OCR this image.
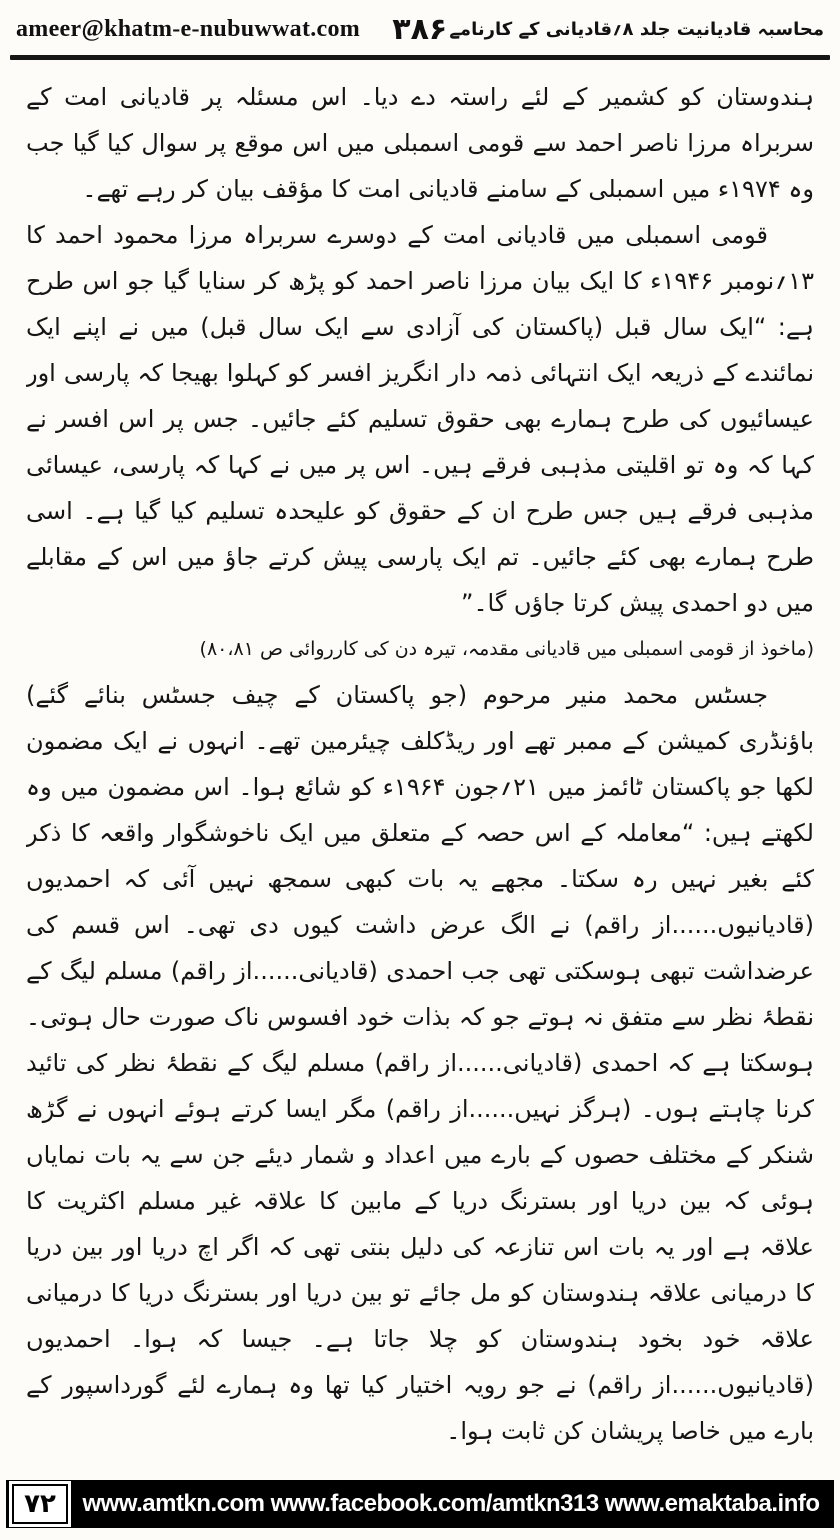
ameer@khatm-e-nubuwwat.com	۳۸۶ محاسبہ قادیانیت جلد ۸؍قادیانی کے کارنامے

ہندوستان کو کشمیر کے لئے راستہ دے دیا۔ اس مسئلہ پر قادیانی امت کے سربراہ مرزا ناصر احمد سے قومی اسمبلی میں اس موقع پر سوال کیا گیا جب وہ ۱۹۷۴ء میں اسمبلی کے سامنے قادیانی امت کا مؤقف بیان کر رہے تھے۔

قومی اسمبلی میں قادیانی امت کے دوسرے سربراہ مرزا محمود احمد کا ۱۳؍نومبر ۱۹۴۶ء کا ایک بیان مرزا ناصر احمد کو پڑھ کر سنایا گیا جو اس طرح ہے: “ایک سال قبل (پاکستان کی آزادی سے ایک سال قبل) میں نے اپنے ایک نمائندے کے ذریعہ ایک انتہائی ذمہ دار انگریز افسر کو کہلوا بھیجا کہ پارسی اور عیسائیوں کی طرح ہمارے بھی حقوق تسلیم کئے جائیں۔ جس پر اس افسر نے کہا کہ وہ تو اقلیتی مذہبی فرقے ہیں۔ اس پر میں نے کہا کہ پارسی، عیسائی مذہبی فرقے ہیں جس طرح ان کے حقوق کو علیحدہ تسلیم کیا گیا ہے۔ اسی طرح ہمارے بھی کئے جائیں۔ تم ایک پارسی پیش کرتے جاؤ میں اس کے مقابلے میں دو احمدی پیش کرتا جاؤں گا۔”

(ماخوذ از قومی اسمبلی میں قادیانی مقدمہ، تیرہ دن کی کارروائی ص ۸۰،۸۱)

جسٹس محمد منیر مرحوم (جو پاکستان کے چیف جسٹس بنائے گئے) باؤنڈری کمیشن کے ممبر تھے اور ریڈکلف چیئرمین تھے۔ انہوں نے ایک مضمون لکھا جو پاکستان ٹائمز میں ۲۱؍جون ۱۹۶۴ء کو شائع ہوا۔ اس مضمون میں وہ لکھتے ہیں: “معاملہ کے اس حصہ کے متعلق میں ایک ناخوشگوار واقعہ کا ذکر کئے بغیر نہیں رہ سکتا۔ مجھے یہ بات کبھی سمجھ نہیں آئی کہ احمدیوں (قادیانیوں......از راقم) نے الگ عرض داشت کیوں دی تھی۔ اس قسم کی عرضداشت تبھی ہوسکتی تھی جب احمدی (قادیانی......از راقم) مسلم لیگ کے نقطۂ نظر سے متفق نہ ہوتے جو کہ بذات خود افسوس ناک صورت حال ہوتی۔ ہوسکتا ہے کہ احمدی (قادیانی......از راقم) مسلم لیگ کے نقطۂ نظر کی تائید کرنا چاہتے ہوں۔ (ہرگز نہیں......از راقم) مگر ایسا کرتے ہوئے انہوں نے گڑھ شنکر کے مختلف حصوں کے بارے میں اعداد و شمار دیئے جن سے یہ بات نمایاں ہوئی کہ بین دریا اور بسترنگ دریا کے مابین کا علاقہ غیر مسلم اکثریت کا علاقہ ہے اور یہ بات اس تنازعہ کی دلیل بنتی تھی کہ اگر اچ دریا اور بین دریا کا درمیانی علاقہ ہندوستان کو مل جائے تو بین دریا اور بسترنگ دریا کا درمیانی علاقہ خود بخود ہندوستان کو چلا جاتا ہے۔ جیسا کہ ہوا۔ احمدیوں (قادیانیوں......از راقم) نے جو رویہ اختیار کیا تھا وہ ہمارے لئے گورداسپور کے بارے میں خاصا پریشان کن ثابت ہوا۔

۷۲	www.amtkn.com www.facebook.com/amtkn313 www.emaktaba.info
